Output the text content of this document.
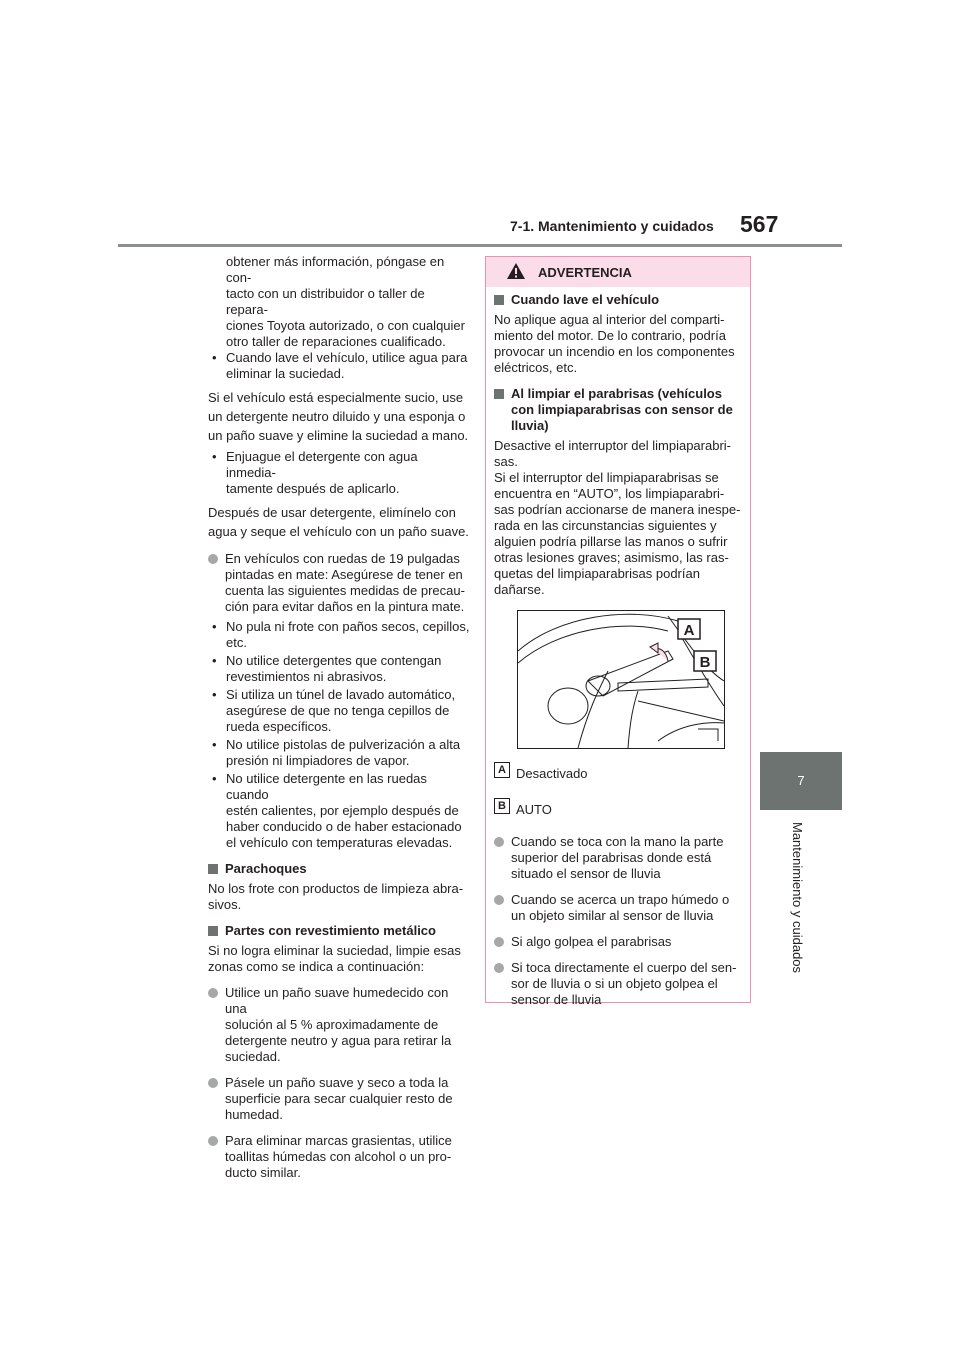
7-1. Mantenimiento y cuidados 567
7
Mantenimiento y cuidados
obtener más información, póngase en con-
tacto con un distribuidor o taller de repara-
ciones Toyota autorizado, o con cualquier
otro taller de reparaciones cualificado.
• Cuando lave el vehículo, utilice agua para
eliminar la suciedad.

Si el vehículo está especialmente sucio, use
un detergente neutro diluido y una esponja o
un paño suave y elimine la suciedad a mano.

• Enjuague el detergente con agua inmedia-
tamente después de aplicarlo.

Después de usar detergente, elimínelo con
agua y seque el vehículo con un paño suave.

En vehículos con ruedas de 19 pulgadas
pintadas en mate: Asegúrese de tener en
cuenta las siguientes medidas de precau-
ción para evitar daños en la pintura mate.
• No pula ni frote con paños secos, cepillos,
etc.
• No utilice detergentes que contengan
revestimientos ni abrasivos.
• Si utiliza un túnel de lavado automático,
asegúrese de que no tenga cepillos de
rueda específicos.
• No utilice pistolas de pulverización a alta
presión ni limpiadores de vapor.
• No utilice detergente en las ruedas cuando
estén calientes, por ejemplo después de
haber conducido o de haber estacionado
el vehículo con temperaturas elevadas.
Parachoques

No los frote con productos de limpieza abra-
sivos.

Partes con revestimiento metálico

Si no logra eliminar la suciedad, limpie esas
zonas como se indica a continuación:

Utilice un paño suave humedecido con una
solución al 5 % aproximadamente de
detergente neutro y agua para retirar la
suciedad.
Pásele un paño suave y seco a toda la
superficie para secar cualquier resto de
humedad.
Para eliminar marcas grasientas, utilice
toallitas húmedas con alcohol o un pro-
ducto similar.
ADVERTENCIA
Cuando lave el vehículo

No aplique agua al interior del comparti-
miento del motor. De lo contrario, podría
provocar un incendio en los componentes
eléctricos, etc.

Al limpiar el parabrisas (vehículos
con limpiaparabrisas con sensor de
lluvia)

Desactive el interruptor del limpiaparabri-
sas.
Si el interruptor del limpiaparabrisas se
encuentra en “AUTO”, los limpiaparabri-
sas podrían accionarse de manera inespe-
rada en las circunstancias siguientes y
alguien podría pillarse las manos o sufrir
otras lesiones graves; asimismo, las ras-
quetas del limpiaparabrisas podrían
dañarse.

A
B
A Desactivado
B AUTO
Cuando se toca con la mano la parte
superior del parabrisas donde está
situado el sensor de lluvia
Cuando se acerca un trapo húmedo o
un objeto similar al sensor de lluvia
Si algo golpea el parabrisas
Si toca directamente el cuerpo del sen-
sor de lluvia o si un objeto golpea el
sensor de lluvia
